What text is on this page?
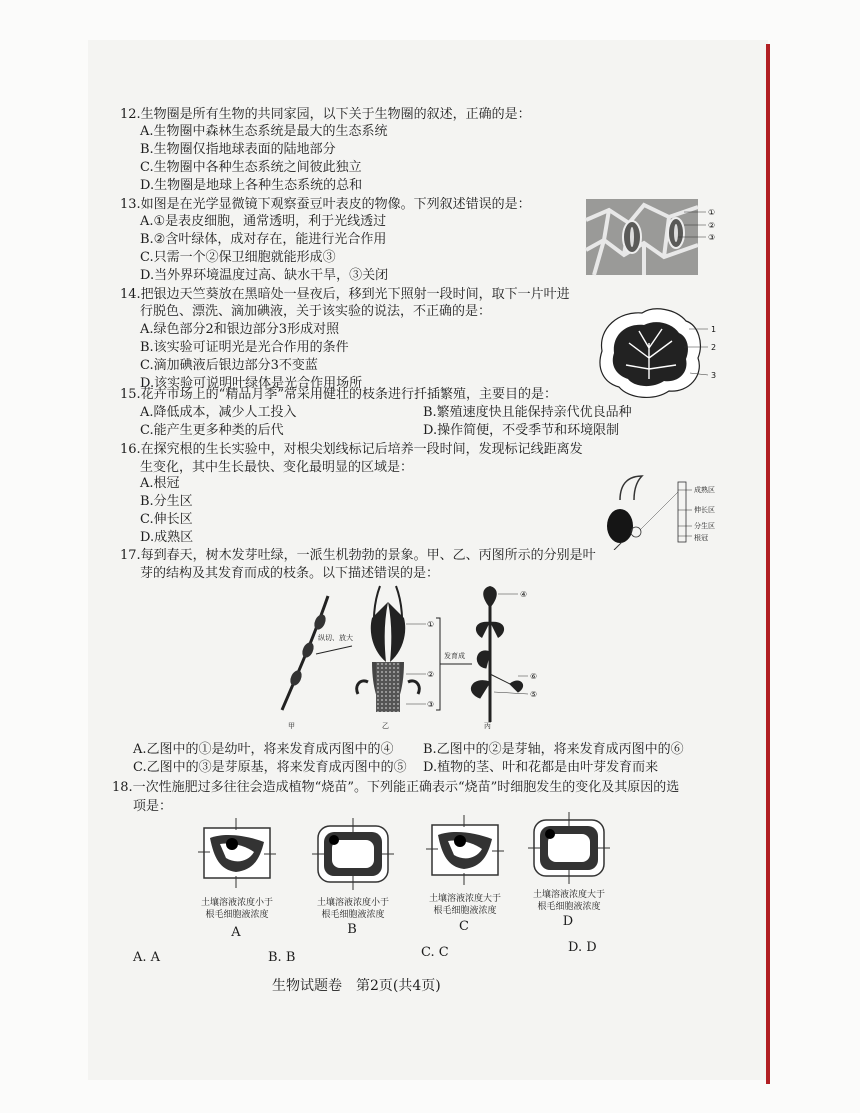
12.生物圈是所有生物的共同家园，以下关于生物圈的叙述，正确的是：
A.生物圈中森林生态系统是最大的生态系统
B.生物圈仅指地球表面的陆地部分
C.生物圈中各种生态系统之间彼此独立
D.生物圈是地球上各种生态系统的总和
13.如图是在光学显微镜下观察蚕豆叶表皮的物像。下列叙述错误的是：
A.①是表皮细胞，通常透明，利于光线透过
B.②含叶绿体，成对存在，能进行光合作用
C.只需一个②保卫细胞就能形成③
D.当外界环境温度过高、缺水干旱，③关闭
①
②
③
14.把银边天竺葵放在黑暗处一昼夜后，移到光下照射一段时间，取下一片叶进
行脱色、漂洗、滴加碘液，关于该实验的说法，不正确的是：
A.绿色部分2和银边部分3形成对照
B.该实验可证明光是光合作用的条件
C.滴加碘液后银边部分3不变蓝
D.该实验可说明叶绿体是光合作用场所
1
2
3
15.花卉市场上的“精品月季”常采用健壮的枝条进行扦插繁殖，主要目的是：
A.降低成本，减少人工投入	B.繁殖速度快且能保持亲代优良品种
C.能产生更多种类的后代	D.操作简便，不受季节和环境限制
16.在探究根的生长实验中，对根尖划线标记后培养一段时间，发现标记线距离发
生变化，其中生长最快、变化最明显的区域是：
A.根冠
B.分生区
C.伸长区
D.成熟区
成熟区
伸长区
分生区
根冠
17.每到春天，树木发芽吐绿，一派生机勃勃的景象。甲、乙、丙图所示的分别是叶
芽的结构及其发育而成的枝条。以下描述错误的是：
纵切、放大
乙
甲
①
②
③
发育成
④
⑥
⑤
丙
A.乙图中的①是幼叶，将来发育成丙图中的④ B.乙图中的②是芽轴，将来发育成丙图中的⑥
C.乙图中的③是芽原基，将来发育成丙图中的⑤ D.植物的茎、叶和花都是由叶芽发育而来
18.一次性施肥过多往往会造成植物“烧苗”。下列能正确表示“烧苗”时细胞发生的变化及其原因的选
项是：
土壤溶液浓度小于
根毛细胞液浓度
A
土壤溶液浓度小于
根毛细胞液浓度
B
土壤溶液浓度大于
根毛细胞液浓度
C
土壤溶液浓度大于
根毛细胞液浓度
D
A. A	B. B	C. C	D. D
生物试题卷　第2页(共4页)
